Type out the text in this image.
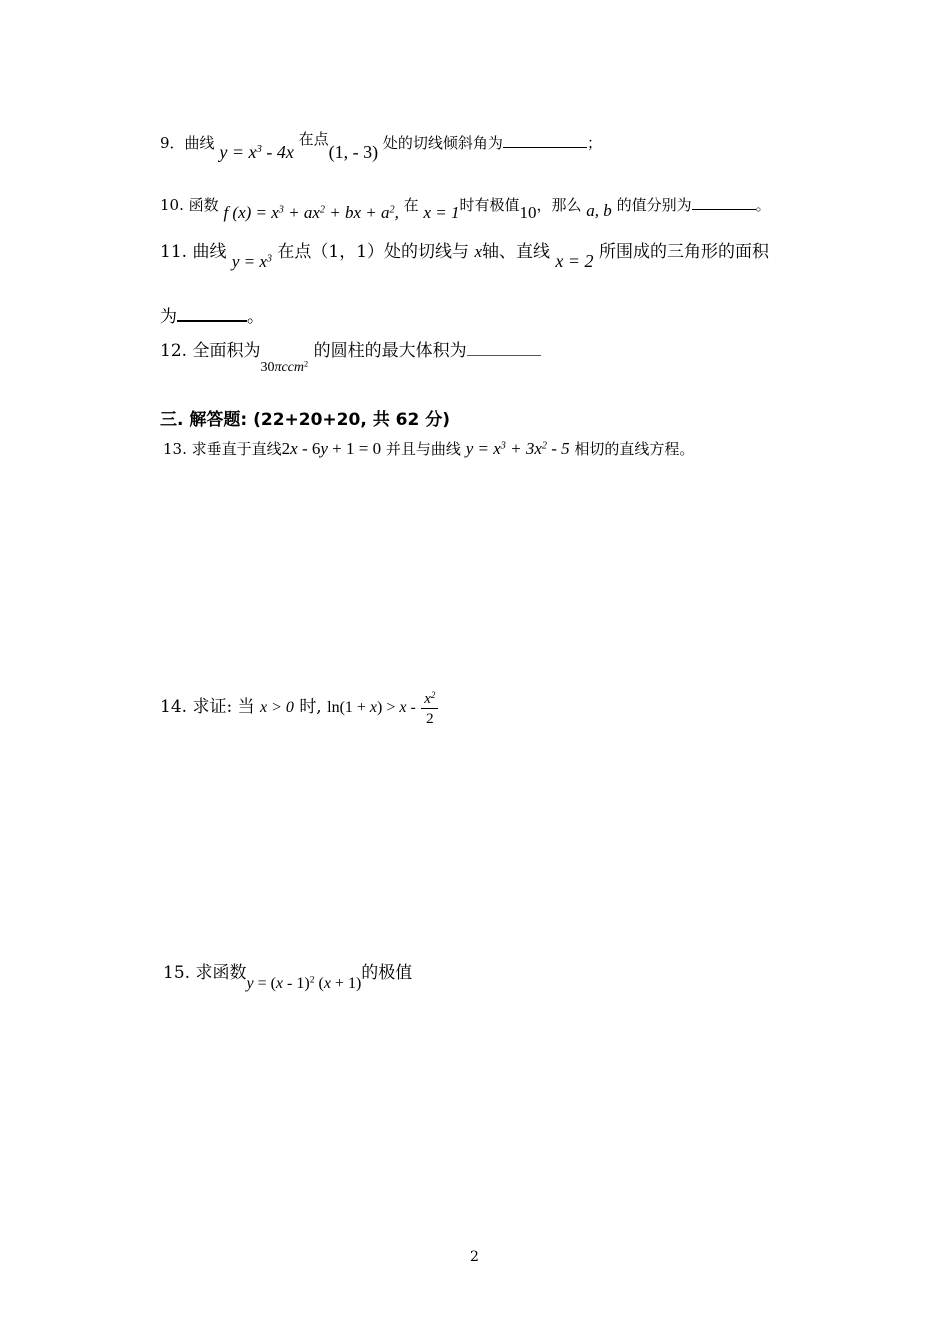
9．曲线 $y = x^3 - 4x$ 在点(1, - 3) 处的切线倾斜角为	；
10. 函数 f $(x) = x^3 + ax^2$ + bx + $a^2$, 在 x = 1时有极值10，那么 a, b 的值分别为	。
11. 曲线 $y = x^3$ 在点（1，1）处的切线与 x轴、直线 x = 2 所围成的三角形的面积
为	。
12. 全面积为$_{30\pi ccm^2}$ 的圆柱的最大体积为
三. 解答题: (22+20+20, 共 62 分)
13. 求垂直于直线2x - 6y + 1 = 0 并且与曲线 $y = x^3 + 3x^2 - 5$ 相切的直线方程。
14. 求证: 当 x > 0 时, $\ln(1 + x) > x - \frac{x^2}{2}$
15. 求函数y = (x - 1)$^2$ (x + 1)的极值
2
